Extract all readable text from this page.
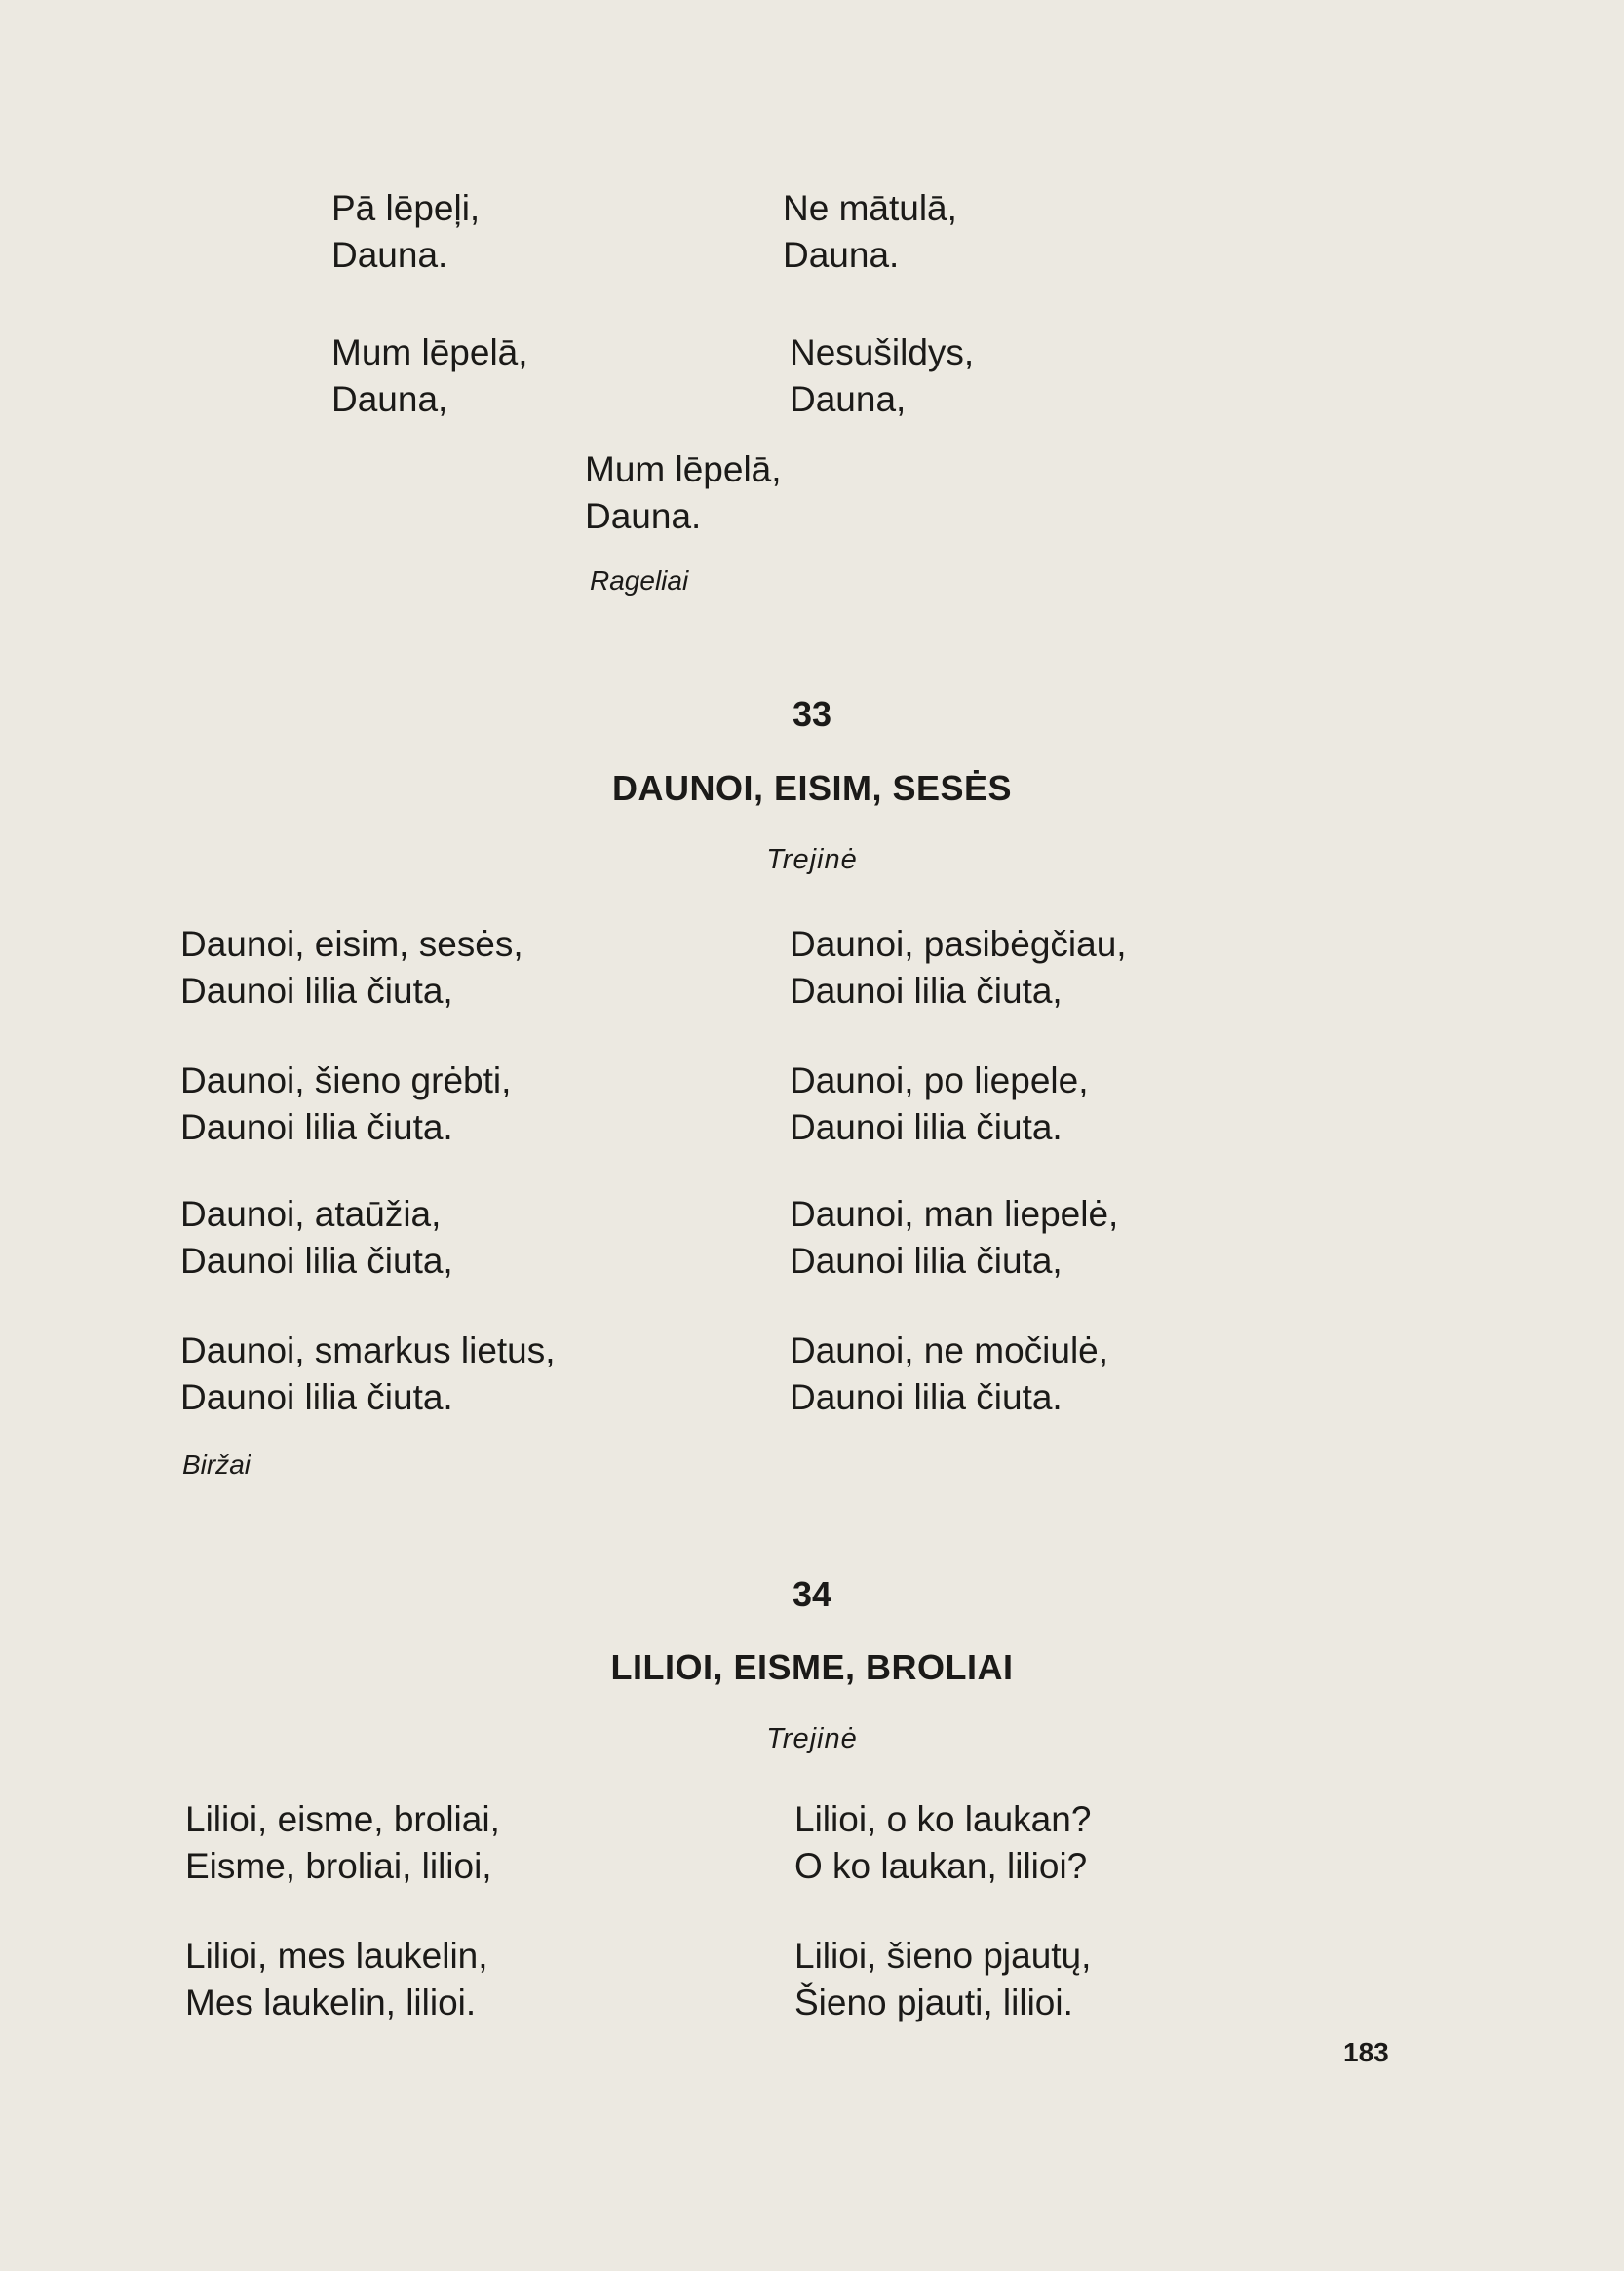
Pā lēpeļi,
Dauna.
Ne mātulā,
Dauna.
Mum lēpelā,
Dauna,
Nesušildys,
Dauna,
Mum lēpelā,
Dauna.
Rageliai
33
DAUNOI, EISIM, SESĖS
Trejinė
Daunoi, eisim, sesės,
Daunoi lilia čiuta,
Daunoi, pasibėgčiau,
Daunoi lilia čiuta,
Daunoi, šieno grėbti,
Daunoi lilia čiuta.
Daunoi, po liepele,
Daunoi lilia čiuta.
Daunoi, ataūžia,
Daunoi lilia čiuta,
Daunoi, man liepelė,
Daunoi lilia čiuta,
Daunoi, smarkus lietus,
Daunoi lilia čiuta.
Daunoi, ne močiulė,
Daunoi lilia čiuta.
Biržai
34
LILIOI, EISME, BROLIAI
Trejinė
Lilioi, eisme, broliai,
Eisme, broliai, lilioi,
Lilioi, o ko laukan?
O ko laukan, lilioi?
Lilioi, mes laukelin,
Mes laukelin, lilioi.
Lilioi, šieno pjautų,
Šieno pjauti, lilioi.
183
